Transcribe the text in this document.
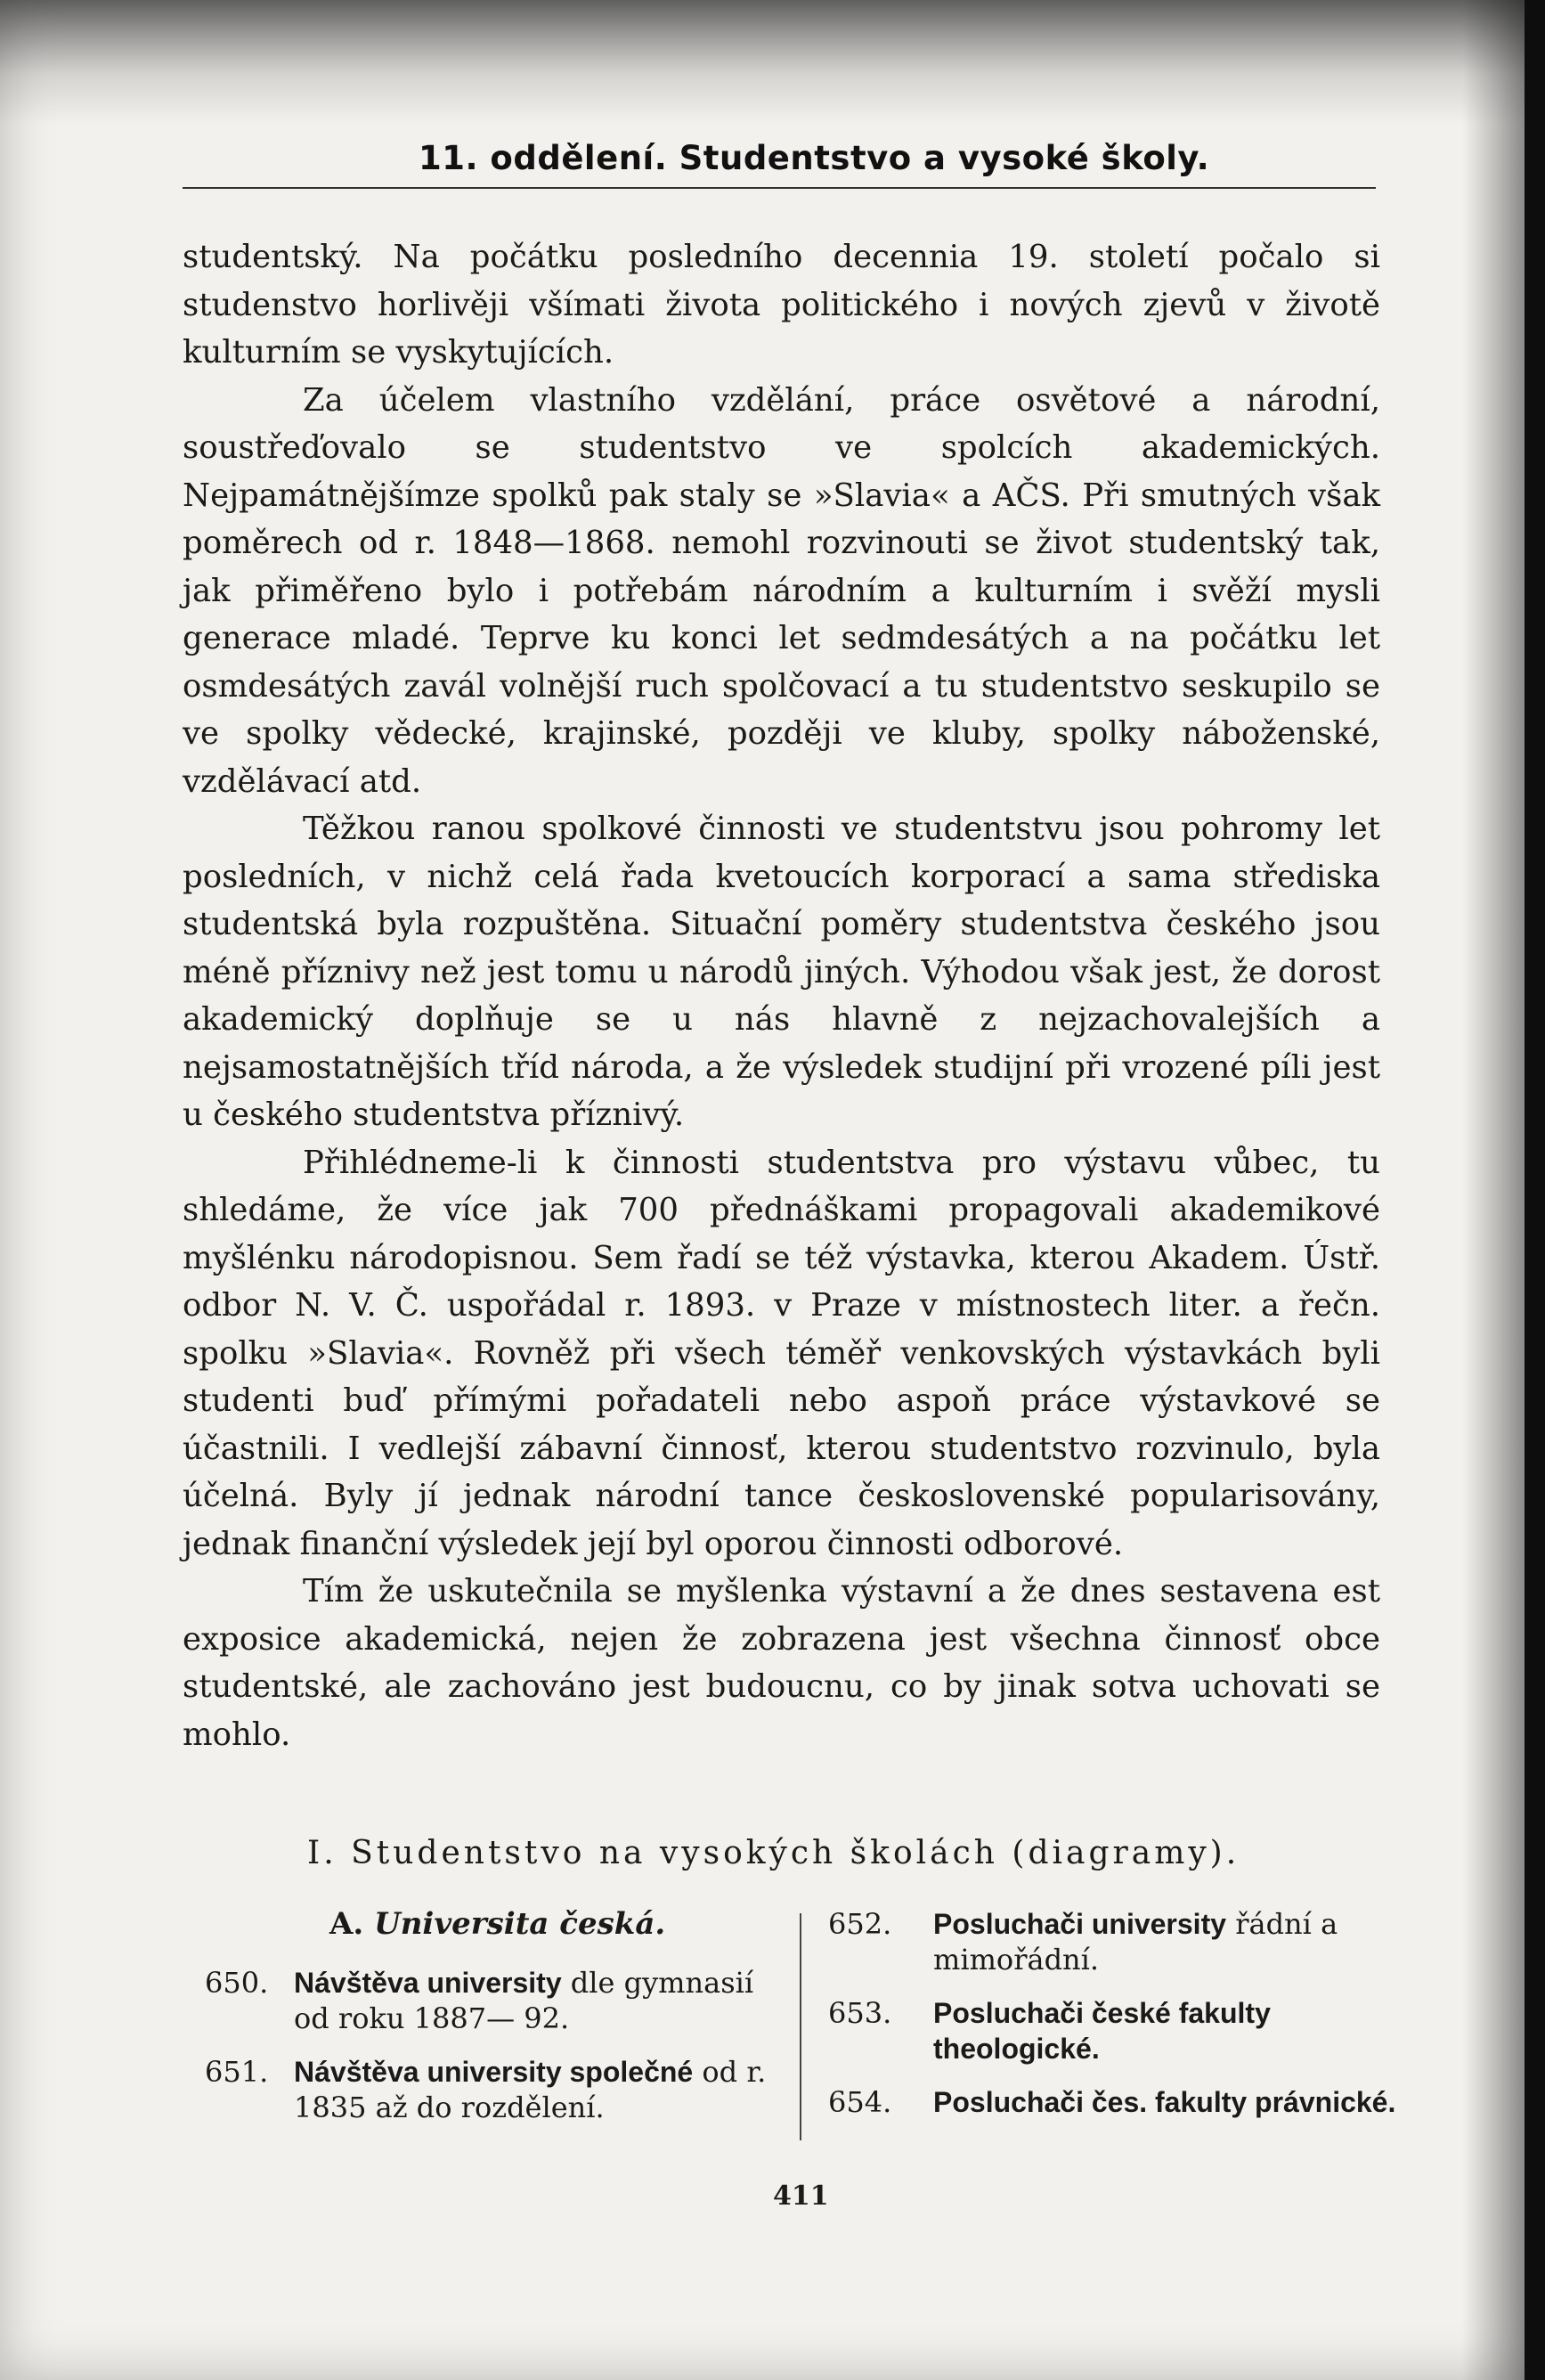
11. oddělení. Studentstvo a vysoké školy.

studentský. Na počátku posledního decennia 19. století počalo si studenstvo horlivěji všímati života politického i nových zjevů v životě kulturním se vyskytujících.

Za účelem vlastního vzdělání, práce osvětové a národní, soustřeďovalo se studentstvo ve spolcích akademických. Nejpamátnějšímze spolků pak staly se »Slavia« a AČS. Při smutných však poměrech od r. 1848—1868. nemohl rozvinouti se život studentský tak, jak přiměřeno bylo i potřebám národním a kulturním i svěží mysli generace mladé. Teprve ku konci let sedmdesátých a na počátku let osmdesátých zavál volnější ruch spolčovací a tu studentstvo seskupilo se ve spolky vědecké, krajinské, později ve kluby, spolky náboženské, vzdělávací atd.

Těžkou ranou spolkové činnosti ve studentstvu jsou pohromy let posledních, v nichž celá řada kvetoucích korporací a sama střediska studentská byla rozpuštěna. Situační poměry studentstva českého jsou méně příznivy než jest tomu u národů jiných. Výhodou však jest, že dorost akademický doplňuje se u nás hlavně z nejzachovalejších a nejsamostatnějších tříd národa, a že výsledek studijní při vrozené píli jest u českého studentstva příznivý.

Přihlédneme-li k činnosti studentstva pro výstavu vůbec, tu shledáme, že více jak 700 přednáškami propagovali akademikové myšlénku národopisnou. Sem řadí se též výstavka, kterou Akadem. Ústř. odbor N. V. Č. uspořádal r. 1893. v Praze v místnostech liter. a řečn. spolku »Slavia«. Rovněž při všech téměř venkovských výstavkách byli studenti buď přímými pořadateli nebo aspoň práce výstavkové se účastnili. I vedlejší zábavní činnosť, kterou studentstvo rozvinulo, byla účelná. Byly jí jednak národní tance československé popularisovány, jednak finanční výsledek její byl oporou činnosti odborové.

Tím že uskutečnila se myšlenka výstavní a že dnes sestavena est exposice akademická, nejen že zobrazena jest všechna činnosť obce studentské, ale zachováno jest budoucnu, co by jinak sotva uchovati se mohlo.

I. Studentstvo na vysokých školách (diagramy).
A. Universita česká.
650. Návštěva university dle gymnasií od roku 1887— 92.
651. Návštěva university společné od r. 1835 až do rozdělení.
652.	Posluchači university řádní a mimořádní.
653.	Posluchači české fakulty theologické.
654.	Posluchači čes. fakulty právnické.
411
